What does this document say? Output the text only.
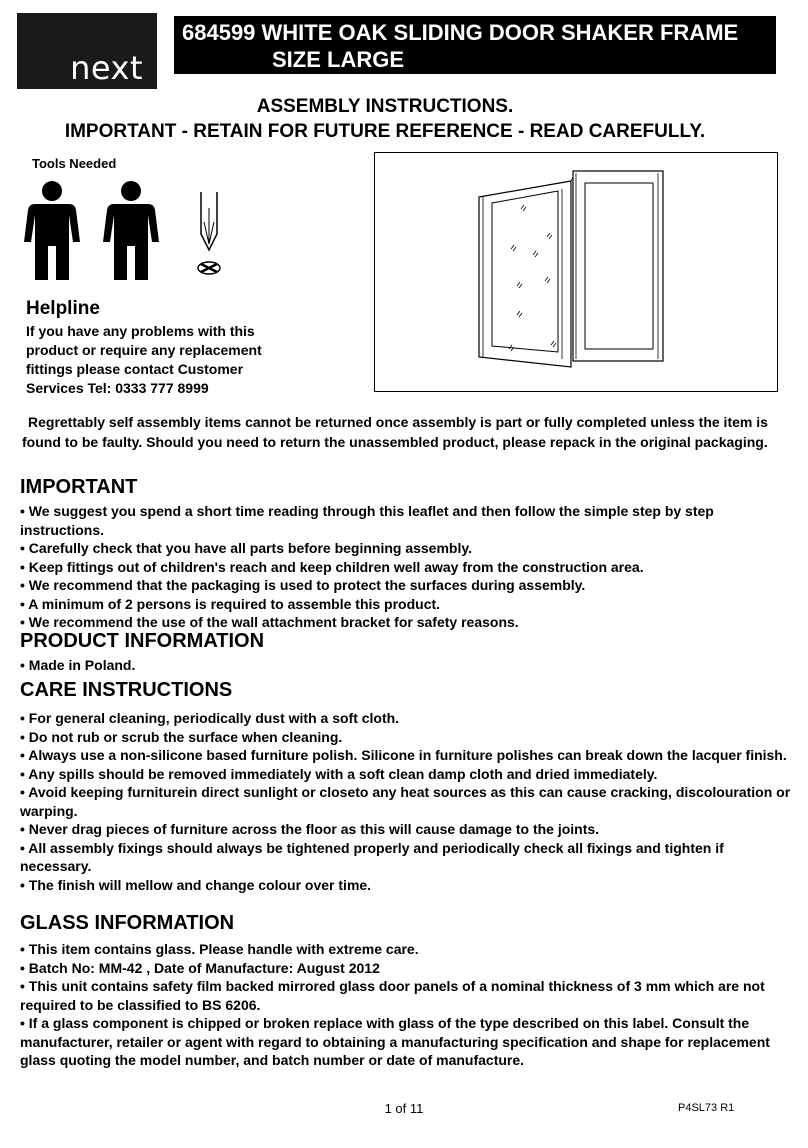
next
684599 WHITE OAK SLIDING DOOR SHAKER FRAME
SIZE LARGE
ASSEMBLY INSTRUCTIONS.
IMPORTANT - RETAIN FOR FUTURE REFERENCE - READ CAREFULLY.
Tools Needed
Helpline
If you have any problems with this
product or require any replacement
fittings please contact Customer
Services Tel: 0333 777 8999
Regrettably self assembly items cannot be returned once assembly is part or fully completed unless the item is found to be faulty. Should you need to return the unassembled product, please repack in the original packaging.
IMPORTANT
• We suggest you spend a short time reading through this leaflet and then follow the simple step by step instructions.
• Carefully check that you have all parts before beginning assembly.
• Keep fittings out of children's reach and keep children well away from the construction area.
• We recommend that the packaging is used to protect the surfaces during assembly.
• A minimum of 2 persons is required to assemble this product.
• We recommend the use of the wall attachment bracket for safety reasons.
PRODUCT INFORMATION
• Made in Poland.
CARE INSTRUCTIONS
• For general cleaning, periodically dust with a soft cloth.
• Do not rub or scrub the surface when cleaning.
• Always use a non-silicone based furniture polish. Silicone in furniture polishes can break down the lacquer finish.
• Any spills should be removed immediately with a soft clean damp cloth and dried immediately.
• Avoid keeping furniturein direct sunlight or closeto any heat sources as this can cause cracking, discolouration or warping.
• Never drag pieces of furniture across the floor as this will cause damage to the joints.
• All assembly fixings should always be tightened properly and periodically check all fixings and tighten if necessary.
• The finish will mellow and change colour over time.
GLASS INFORMATION
• This item contains glass. Please handle with extreme care.
• Batch No: MM-42 , Date of Manufacture: August 2012
• This unit contains safety film backed mirrored glass door panels of a nominal thickness of 3 mm which are not required to be classified to BS 6206.
• If a glass component is chipped or broken replace with glass of the type described on this label. Consult the manufacturer, retailer or agent with regard to obtaining a manufacturing specification and shape for replacement glass quoting the model number, and batch number or date of manufacture.
1 of 11	P4SL73 R1
